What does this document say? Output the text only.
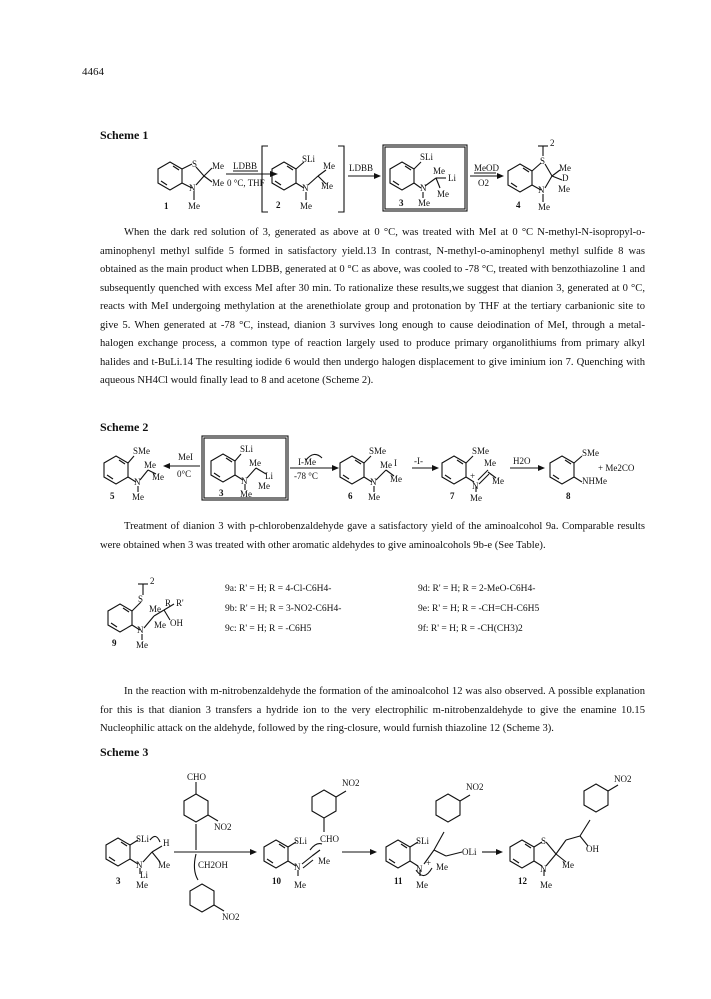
4464
Scheme 1
S
N
Me
Me
Me
1
LDBB
0 °C, THF
SLi
N
Me
Me
Me
2
LDBB
SLi
N
Me
Li
Me
Me
3
MeOD
O2
S
2
N
Me
D
Me
Me
4

When the dark red solution of 3, generated as above at 0 °C, was treated with MeI at 0 °C N-methyl-N-isopropyl-o-aminophenyl methyl sulfide 5 formed in satisfactory yield.13 In contrast, N-methyl-o-aminophenyl methyl sulfide 8 was obtained as the main product when LDBB, generated at 0 °C as above, was cooled to -78 °C, treated with benzothiazoline 1 and subsequently quenched with excess MeI after 30 min. To rationalize these results,we suggest that dianion 3, generated at 0 °C, reacts with MeI undergoing methylation at the arenethiolate group and protonation by THF at the tertiary carbanionic site to give 5. When generated at -78 °C, instead, dianion 3 survives long enough to cause deiodination of MeI, through a metal-halogen exchange process, a common type of reaction largely used to produce primary organolithiums from primary alkyl halides and t-BuLi.14 The resulting iodide 6 would then undergo halogen displacement to give iminium ion 7. Quenching with aqueous NH4Cl would finally lead to 8 and acetone (Scheme 2).

Scheme 2
SMe
Me
N Me
Me
5
MeI
0°C
SLi
Me
Li
N Me
Me
3
I-Me
-78 °C
SMe
Me I
N Me
Me
6
-I-
SMe
Me
+
N Me
Me
7
H2O
SMe
NHMe
+ Me2CO
8

Treatment of dianion 3 with p-chlorobenzaldehyde gave a satisfactory yield of the aminoalcohol 9a. Comparable results were obtained when 3 was treated with other aromatic aldehydes to give aminoalcohols 9b-e (See Table).

S
2
Me
R R'
OH
N Me
Me
9
9a: R' = H; R = 4-Cl-C6H4-
9b: R' = H; R = 3-NO2-C6H4-
9c: R' = H; R = -C6H5
9d: R' = H; R = 2-MeO-C6H4-
9e: R' = H; R = -CH=CH-C6H5
9f: R' = H; R = -CH(CH3)2

In the reaction with m-nitrobenzaldehyde the formation of the aminoalcohol 12 was also observed. A possible explanation for this is that dianion 3 transfers a hydride ion to the very electrophilic m-nitrobenzaldehyde to give the enamine 10.15 Nucleophilic attack on the aldehyde, followed by the ring-closure, would furnish thiazoline 12 (Scheme 3).

Scheme 3
SLi H
N Me
Li
Me
3
CHO
NO2
CH2OH
NO2
SLi
N
Me
Me
10
NO2
CHO	SLi
+
N Me
Me
OLi
11
NO2
S
N
OH
Me
Me
12
NO2
